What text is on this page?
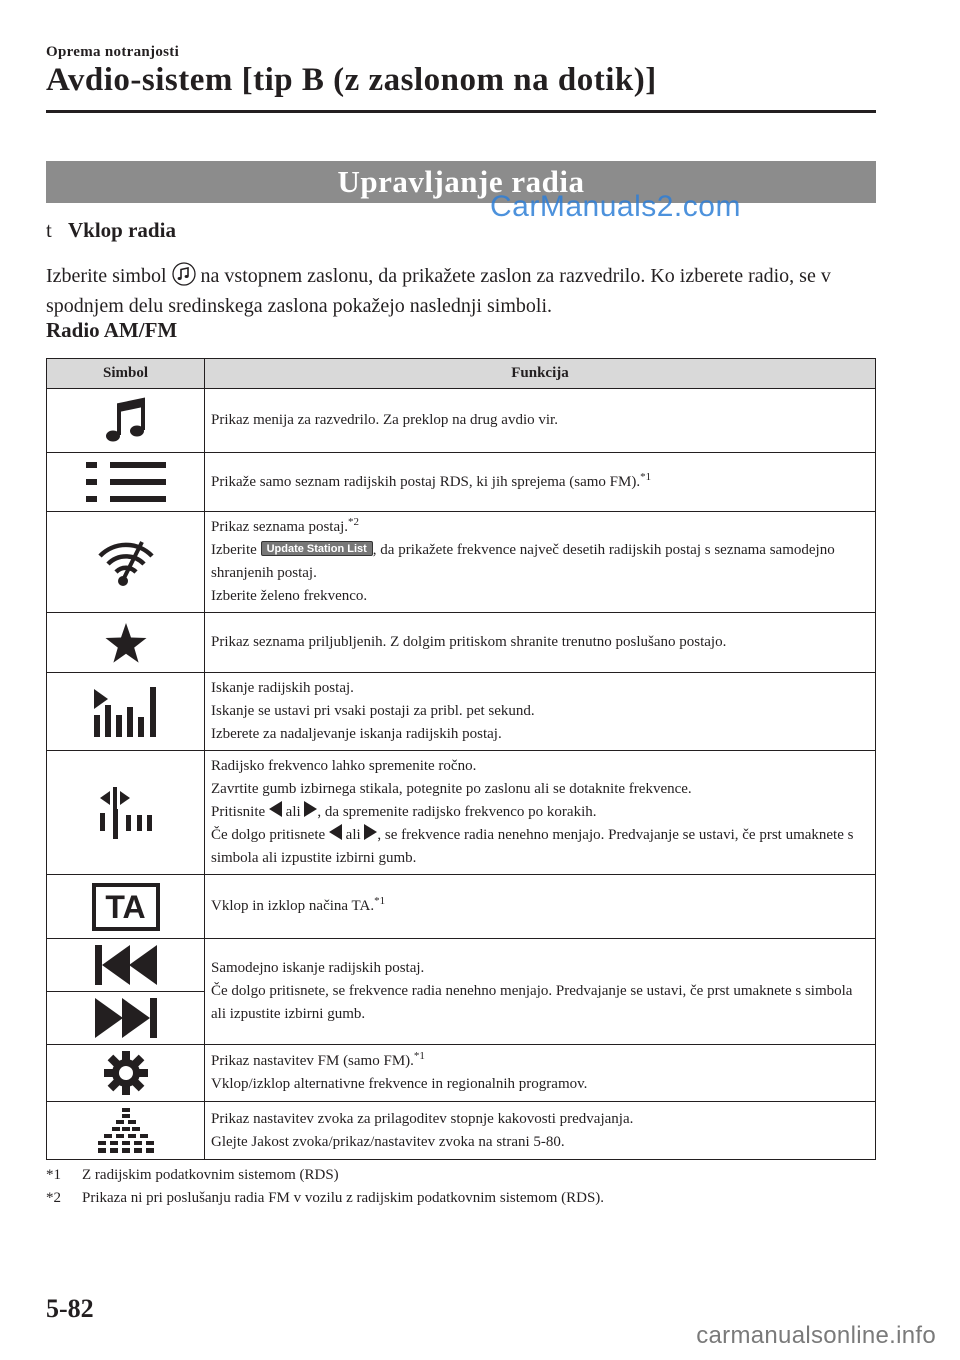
Oprema notranjosti
Avdio-sistem [tip B (z zaslonom na dotik)]
Upravljanje radia
CarManuals2.com
t Vklop radia
Izberite simbol na vstopnem zaslonu, da prikažete zaslon za razvedrilo. Ko izberete radio, se v spodnjem delu sredinskega zaslona pokažejo naslednji simboli.
Radio AM/FM
Simbol	Funkcija

	Prikaz menija za razvedrilo. Za preklop na drug avdio vir.

	Prikaže samo seznam radijskih postaj RDS, ki jih sprejema (samo FM).$^{*1}$

Prikaz seznama postaj.$^{*2}$
Izberite Update Station List , da prikažete frekvence največ desetih radijskih postaj s seznama samodejno shranjenih postaj.
Izberite želeno frekvenco.

	Prikaz seznama priljubljenih. Z dolgim pritiskom shranite trenutno poslušano postajo.

Iskanje radijskih postaj.
Iskanje se ustavi pri vsaki postaji za pribl. pet sekund.
Izberete za nadaljevanje iskanja radijskih postaj.

Radijsko frekvenco lahko spremenite ročno.
Zavrtite gumb izbirnega stikala, potegnite po zaslonu ali se dotaknite frekvence.
Pritisnite ali , da spremenite radijsko frekvenco po korakih.
Če dolgo pritisnete ali , se frekvence radia nenehno menjajo. Predvajanje se ustavi, če prst umaknete s simbola ali izpustite izbirni gumb.

TA	Vklop in izklop načina TA.$^{*1}$

Samodejno iskanje radijskih postaj.
Če dolgo pritisnete, se frekvence radia nenehno menjajo. Predvajanje se ustavi, če prst umaknete s simbola ali izpustite izbirni gumb.

Prikaz nastavitev FM (samo FM).$^{*1}$
Vklop/izklop alternativne frekvence in regionalnih programov.

Prikaz nastavitev zvoka za prilagoditev stopnje kakovosti predvajanja.
Glejte Jakost zvoka/prikaz/nastavitev zvoka na strani 5-80.
*1	Z radijskim podatkovnim sistemom (RDS)
*2	Prikaza ni pri poslušanju radia FM v vozilu z radijskim podatkovnim sistemom (RDS).
5-82
carmanualsonline.info
